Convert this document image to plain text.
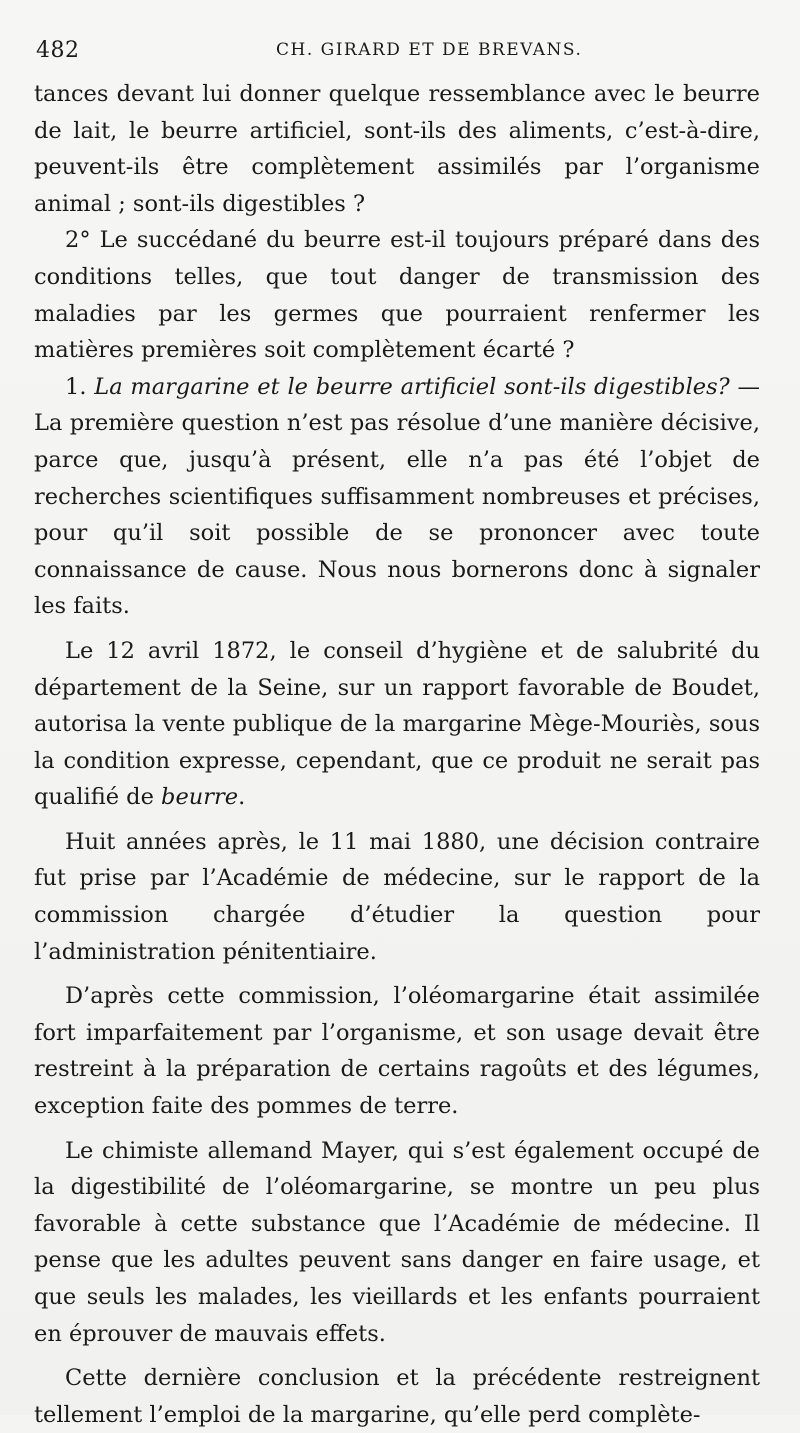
482	CH. GIRARD ET DE BREVANS.

tances devant lui donner quelque ressemblance avec le beurre de lait, le beurre artificiel, sont-ils des aliments, c’est-à-dire, peuvent-ils être complètement assimilés par l’organisme animal ; sont-ils digestibles ?

2° Le succédané du beurre est-il toujours préparé dans des conditions telles, que tout danger de transmission des maladies par les germes que pourraient renfermer les matières premières soit complètement écarté ?

1. La margarine et le beurre artificiel sont-ils digestibles? — La première question n’est pas résolue d’une manière décisive, parce que, jusqu’à présent, elle n’a pas été l’objet de recherches scientifiques suffisamment nombreuses et précises, pour qu’il soit possible de se prononcer avec toute connaissance de cause. Nous nous bornerons donc à signaler les faits.

Le 12 avril 1872, le conseil d’hygiène et de salubrité du département de la Seine, sur un rapport favorable de Boudet, autorisa la vente publique de la margarine Mège-Mouriès, sous la condition expresse, cependant, que ce produit ne serait pas qualifié de beurre.

Huit années après, le 11 mai 1880, une décision contraire fut prise par l’Académie de médecine, sur le rapport de la commission chargée d’étudier la question pour l’administration pénitentiaire.

D’après cette commission, l’oléomargarine était assimilée fort imparfaitement par l’organisme, et son usage devait être restreint à la préparation de certains ragoûts et des légumes, exception faite des pommes de terre.

Le chimiste allemand Mayer, qui s’est également occupé de la digestibilité de l’oléomargarine, se montre un peu plus favorable à cette substance que l’Académie de médecine. Il pense que les adultes peuvent sans danger en faire usage, et que seuls les malades, les vieillards et les enfants pourraient en éprouver de mauvais effets.

Cette dernière conclusion et la précédente restreignent tellement l’emploi de la margarine, qu’elle perd complète-
